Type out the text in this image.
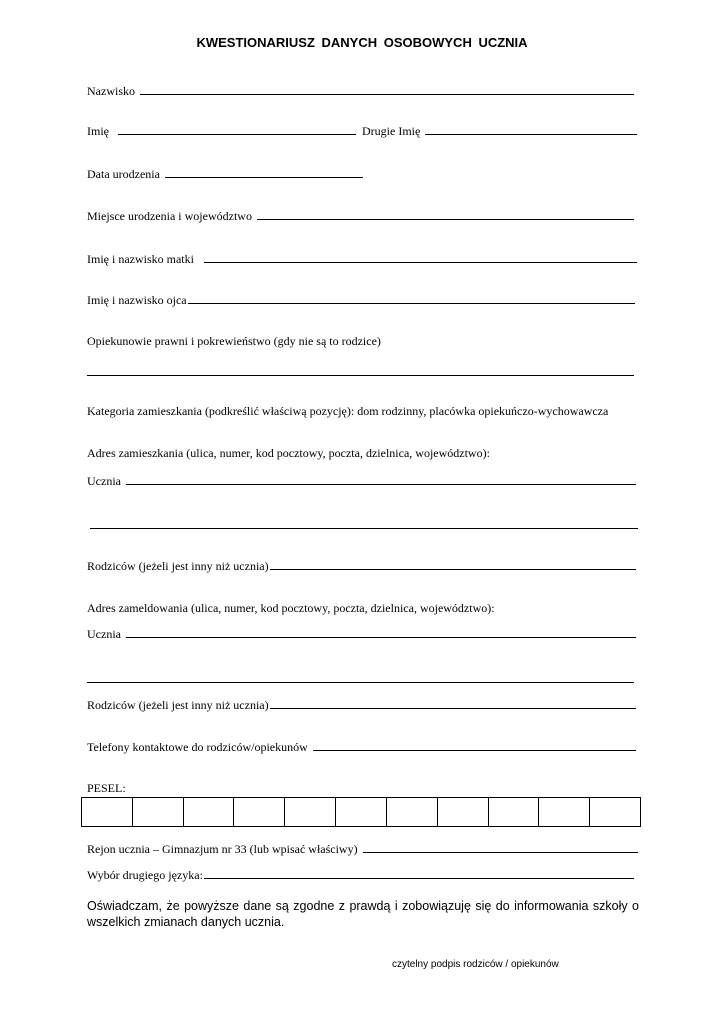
KWESTIONARIUSZ DANYCH OSOBOWYCH UCZNIA
Nazwisko
Imię	Drugie Imię
Data urodzenia
Miejsce urodzenia i województwo
Imię i nazwisko matki
Imię i nazwisko ojca
Opiekunowie prawni i pokrewieństwo (gdy nie są to rodzice)
Kategoria zamieszkania (podkreślić właściwą pozycję): dom rodzinny, placówka opiekuńczo-wychowawcza
Adres zamieszkania (ulica, numer, kod pocztowy, poczta, dzielnica, województwo):
Ucznia
Rodziców (jeżeli jest inny niż ucznia)
Adres zameldowania (ulica, numer, kod pocztowy, poczta, dzielnica, województwo):
Ucznia
Rodziców (jeżeli jest inny niż ucznia)
Telefony kontaktowe do rodziców/opiekunów
PESEL:
Rejon ucznia – Gimnazjum nr 33 (lub wpisać właściwy)
Wybór drugiego języka:
Oświadczam, że powyższe dane są zgodne z prawdą i zobowiązuję się do informowania szkoły o wszelkich zmianach danych ucznia.
czytelny podpis rodziców / opiekunów
